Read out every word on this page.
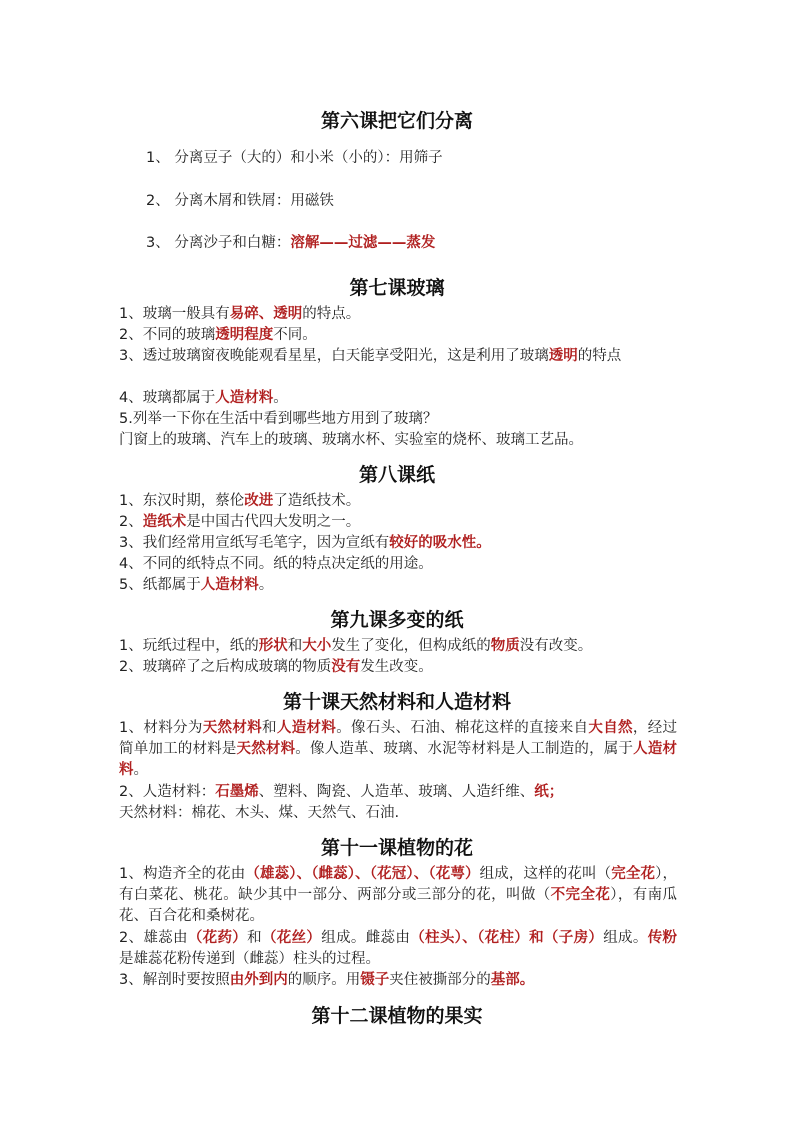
第六课把它们分离

1、 分离豆子（大的）和小米（小的）：用筛子

2、 分离木屑和铁屑：用磁铁

3、 分离沙子和白糖：溶解——过滤——蒸发

第七课玻璃

1、玻璃一般具有易碎、透明的特点。

2、不同的玻璃透明程度不同。

3、透过玻璃窗夜晚能观看星星，白天能享受阳光，这是利用了玻璃透明的特点

4、玻璃都属于人造材料。

5.列举一下你在生活中看到哪些地方用到了玻璃？

门窗上的玻璃、汽车上的玻璃、玻璃水杯、实验室的烧杯、玻璃工艺品。

第八课纸

1、东汉时期，蔡伦改进了造纸技术。

2、造纸术是中国古代四大发明之一。

3、我们经常用宣纸写毛笔字，因为宣纸有较好的吸水性。

4、不同的纸特点不同。纸的特点决定纸的用途。

5、纸都属于人造材料。

第九课多变的纸

1、玩纸过程中，纸的形状和大小发生了变化，但构成纸的物质没有改变。

2、玻璃碎了之后构成玻璃的物质没有发生改变。

第十课天然材料和人造材料

1、材料分为天然材料和人造材料。像石头、石油、棉花这样的直接来自大自然，经过简单加工的材料是天然材料。像人造革、玻璃、水泥等材料是人工制造的，属于人造材料。

2、人造材料：石墨烯、塑料、陶瓷、人造革、玻璃、人造纤维、纸；

天然材料：棉花、木头、煤、天然气、石油.

第十一课植物的花

1、构造齐全的花由（雄蕊）、（雌蕊）、（花冠）、（花萼）组成，这样的花叫（完全花），有白菜花、桃花。缺少其中一部分、两部分或三部分的花，叫做（不完全花），有南瓜花、百合花和桑树花。

2、雄蕊由（花药）和（花丝）组成。雌蕊由（柱头）、（花柱）和（子房）组成。传粉是雄蕊花粉传递到（雌蕊）柱头的过程。

3、解剖时要按照由外到内的顺序。用镊子夹住被撕部分的基部。

第十二课植物的果实
